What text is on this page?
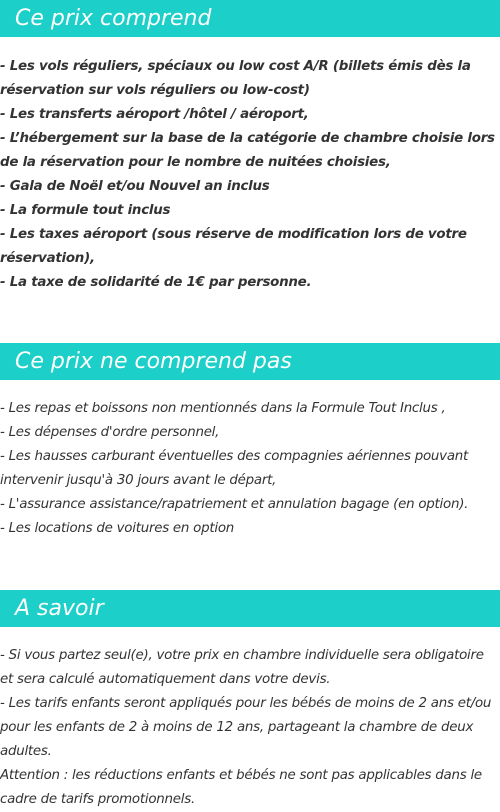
Ce prix comprend

- Les vols réguliers, spéciaux ou low cost A/R (billets émis dès la réservation sur vols réguliers ou low-cost)

- Les transferts aéroport /hôtel / aéroport,

- L’hébergement sur la base de la catégorie de chambre choisie lors de la réservation pour le nombre de nuitées choisies,

- Gala de Noël et/ou Nouvel an inclus

- La formule tout inclus

- Les taxes aéroport (sous réserve de modification lors de votre réservation),

- La taxe de solidarité de 1€ par personne.

Ce prix ne comprend pas

- Les repas et boissons non mentionnés dans la Formule Tout Inclus ,

- Les dépenses d'ordre personnel,

- Les hausses carburant éventuelles des compagnies aériennes pouvant intervenir jusqu'à 30 jours avant le départ,

- L'assurance assistance/rapatriement et annulation bagage (en option).

- Les locations de voitures en option

A savoir

- Si vous partez seul(e), votre prix en chambre individuelle sera obligatoire et sera calculé automatiquement dans votre devis.

- Les tarifs enfants seront appliqués pour les bébés de moins de 2 ans et/ou pour les enfants de 2 à moins de 12 ans, partageant la chambre de deux adultes.

Attention : les réductions enfants et bébés ne sont pas applicables dans le cadre de tarifs promotionnels.
